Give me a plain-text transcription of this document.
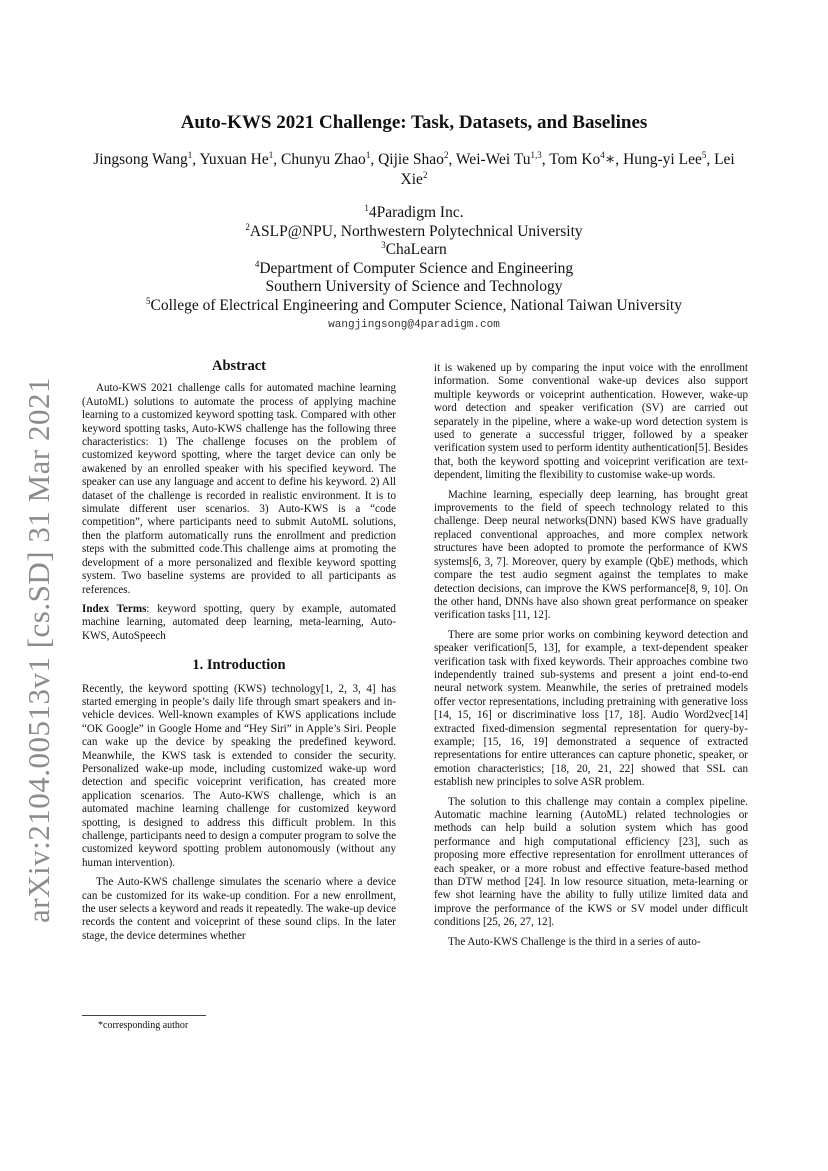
arXiv:2104.00513v1 [cs.SD] 31 Mar 2021
Auto-KWS 2021 Challenge: Task, Datasets, and Baselines
Jingsong Wang$^1$, Yuxuan He$^1$, Chunyu Zhao$^1$, Qijie Shao$^2$, Wei-Wei Tu$^{1,3}$, Tom Ko$^4$∗, Hung-yi Lee$^5$, Lei Xie$^2$
$^1$4Paradigm Inc.
$^2$ASLP@NPU, Northwestern Polytechnical University
$^3$ChaLearn
$^4$Department of Computer Science and Engineering
Southern University of Science and Technology
$^5$College of Electrical Engineering and Computer Science, National Taiwan University
wangjingsong@4paradigm.com
Abstract

Auto-KWS 2021 challenge calls for automated machine learning (AutoML) solutions to automate the process of applying machine learning to a customized keyword spotting task. Compared with other keyword spotting tasks, Auto-KWS challenge has the following three characteristics: 1) The challenge focuses on the problem of customized keyword spotting, where the target device can only be awakened by an enrolled speaker with his specified keyword. The speaker can use any language and accent to define his keyword. 2) All dataset of the challenge is recorded in realistic environment. It is to simulate different user scenarios. 3) Auto-KWS is a “code competition”, where participants need to submit AutoML solutions, then the platform automatically runs the enrollment and prediction steps with the submitted code.This challenge aims at promoting the development of a more personalized and flexible keyword spotting system. Two baseline systems are provided to all participants as references.

Index Terms: keyword spotting, query by example, automated machine learning, automated deep learning, meta-learning, Auto-KWS, AutoSpeech

1. Introduction

Recently, the keyword spotting (KWS) technology[1, 2, 3, 4] has started emerging in people’s daily life through smart speakers and in-vehicle devices. Well-known examples of KWS applications include “OK Google” in Google Home and “Hey Siri” in Apple’s Siri. People can wake up the device by speaking the predefined keyword. Meanwhile, the KWS task is extended to consider the security. Personalized wake-up mode, including customized wake-up word detection and specific voiceprint verification, has created more application scenarios. The Auto-KWS challenge, which is an automated machine learning challenge for customized keyword spotting, is designed to address this difficult problem. In this challenge, participants need to design a computer program to solve the customized keyword spotting problem autonomously (without any human intervention).

The Auto-KWS challenge simulates the scenario where a device can be customized for its wake-up condition. For a new enrollment, the user selects a keyword and reads it repeatedly. The wake-up device records the content and voiceprint of these sound clips. In the later stage, the device determines whether

*corresponding author

it is wakened up by comparing the input voice with the enrollment information. Some conventional wake-up devices also support multiple keywords or voiceprint authentication. However, wake-up word detection and speaker verification (SV) are carried out separately in the pipeline, where a wake-up word detection system is used to generate a successful trigger, followed by a speaker verification system used to perform identity authentication[5]. Besides that, both the keyword spotting and voiceprint verification are text-dependent, limiting the flexibility to customise wake-up words.

Machine learning, especially deep learning, has brought great improvements to the field of speech technology related to this challenge. Deep neural networks(DNN) based KWS have gradually replaced conventional approaches, and more complex network structures have been adopted to promote the performance of KWS systems[6, 3, 7]. Moreover, query by example (QbE) methods, which compare the test audio segment against the templates to make detection decisions, can improve the KWS performance[8, 9, 10]. On the other hand, DNNs have also shown great performance on speaker verification tasks [11, 12].

There are some prior works on combining keyword detection and speaker verification[5, 13], for example, a text-dependent speaker verification task with fixed keywords. Their approaches combine two independently trained sub-systems and present a joint end-to-end neural network system. Meanwhile, the series of pretrained models offer vector representations, including pretraining with generative loss [14, 15, 16] or discriminative loss [17, 18]. Audio Word2vec[14] extracted fixed-dimension segmental representation for query-by-example; [15, 16, 19] demonstrated a sequence of extracted representations for entire utterances can capture phonetic, speaker, or emotion characteristics; [18, 20, 21, 22] showed that SSL can establish new principles to solve ASR problem.

The solution to this challenge may contain a complex pipeline. Automatic machine learning (AutoML) related technologies or methods can help build a solution system which has good performance and high computational efficiency [23], such as proposing more effective representation for enrollment utterances of each speaker, or a more robust and effective feature-based method than DTW method [24]. In low resource situation, meta-learning or few shot learning have the ability to fully utilize limited data and improve the performance of the KWS or SV model under difficult conditions [25, 26, 27, 12].

The Auto-KWS Challenge is the third in a series of auto-
